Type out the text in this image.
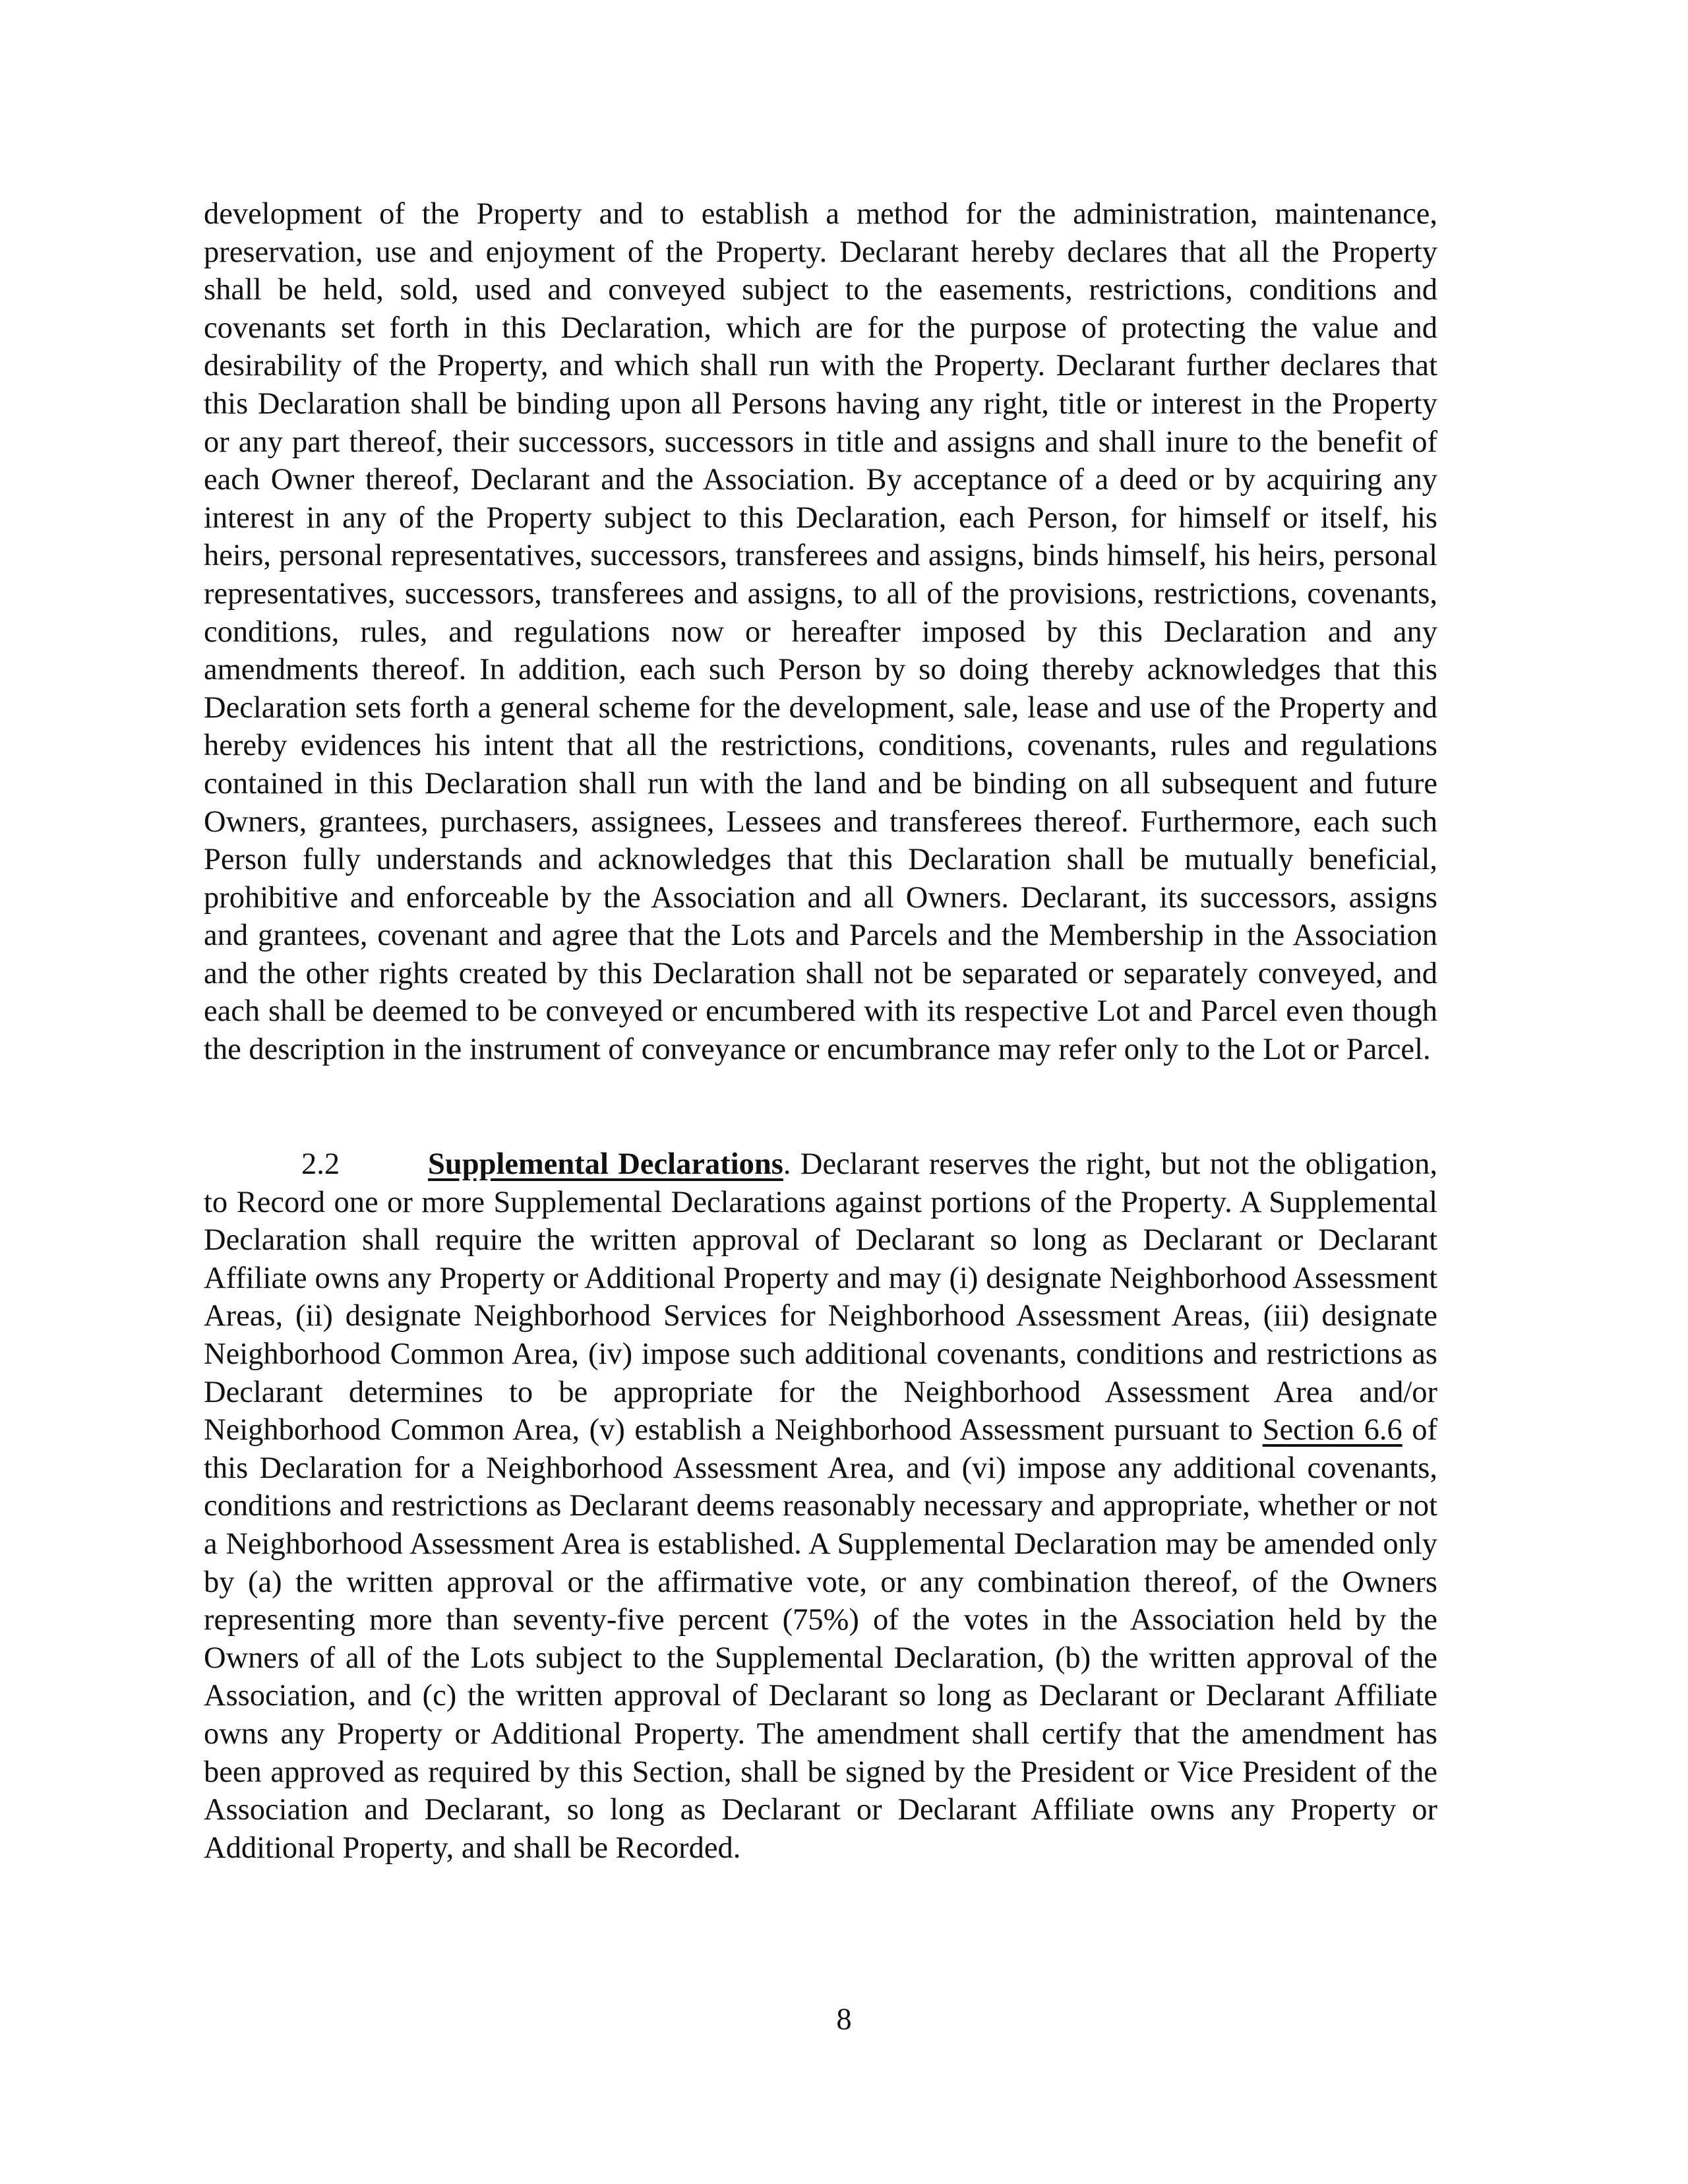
development of the Property and to establish a method for the administration, maintenance, preservation, use and enjoyment of the Property. Declarant hereby declares that all the Property shall be held, sold, used and conveyed subject to the easements, restrictions, conditions and covenants set forth in this Declaration, which are for the purpose of protecting the value and desirability of the Property, and which shall run with the Property. Declarant further declares that this Declaration shall be binding upon all Persons having any right, title or interest in the Property or any part thereof, their successors, successors in title and assigns and shall inure to the benefit of each Owner thereof, Declarant and the Association. By acceptance of a deed or by acquiring any interest in any of the Property subject to this Declaration, each Person, for himself or itself, his heirs, personal representatives, successors, transferees and assigns, binds himself, his heirs, personal representatives, successors, transferees and assigns, to all of the provisions, restrictions, covenants, conditions, rules, and regulations now or hereafter imposed by this Declaration and any amendments thereof. In addition, each such Person by so doing thereby acknowledges that this Declaration sets forth a general scheme for the development, sale, lease and use of the Property and hereby evidences his intent that all the restrictions, conditions, covenants, rules and regulations contained in this Declaration shall run with the land and be binding on all subsequent and future Owners, grantees, purchasers, assignees, Lessees and transferees thereof. Furthermore, each such Person fully understands and acknowledges that this Declaration shall be mutually beneficial, prohibitive and enforceable by the Association and all Owners. Declarant, its successors, assigns and grantees, covenant and agree that the Lots and Parcels and the Membership in the Association and the other rights created by this Declaration shall not be separated or separately conveyed, and each shall be deemed to be conveyed or encumbered with its respective Lot and Parcel even though the description in the instrument of conveyance or encumbrance may refer only to the Lot or Parcel.

2.2	Supplemental Declarations. Declarant reserves the right, but not the obligation, to Record one or more Supplemental Declarations against portions of the Property. A Supplemental Declaration shall require the written approval of Declarant so long as Declarant or Declarant Affiliate owns any Property or Additional Property and may (i) designate Neighborhood Assessment Areas, (ii) designate Neighborhood Services for Neighborhood Assessment Areas, (iii) designate Neighborhood Common Area, (iv) impose such additional covenants, conditions and restrictions as Declarant determines to be appropriate for the Neighborhood Assessment Area and/or Neighborhood Common Area, (v) establish a Neighborhood Assessment pursuant to Section 6.6 of this Declaration for a Neighborhood Assessment Area, and (vi) impose any additional covenants, conditions and restrictions as Declarant deems reasonably necessary and appropriate, whether or not a Neighborhood Assessment Area is established. A Supplemental Declaration may be amended only by (a) the written approval or the affirmative vote, or any combination thereof, of the Owners representing more than seventy-five percent (75%) of the votes in the Association held by the Owners of all of the Lots subject to the Supplemental Declaration, (b) the written approval of the Association, and (c) the written approval of Declarant so long as Declarant or Declarant Affiliate owns any Property or Additional Property. The amendment shall certify that the amendment has been approved as required by this Section, shall be signed by the President or Vice President of the Association and Declarant, so long as Declarant or Declarant Affiliate owns any Property or Additional Property, and shall be Recorded.

8
